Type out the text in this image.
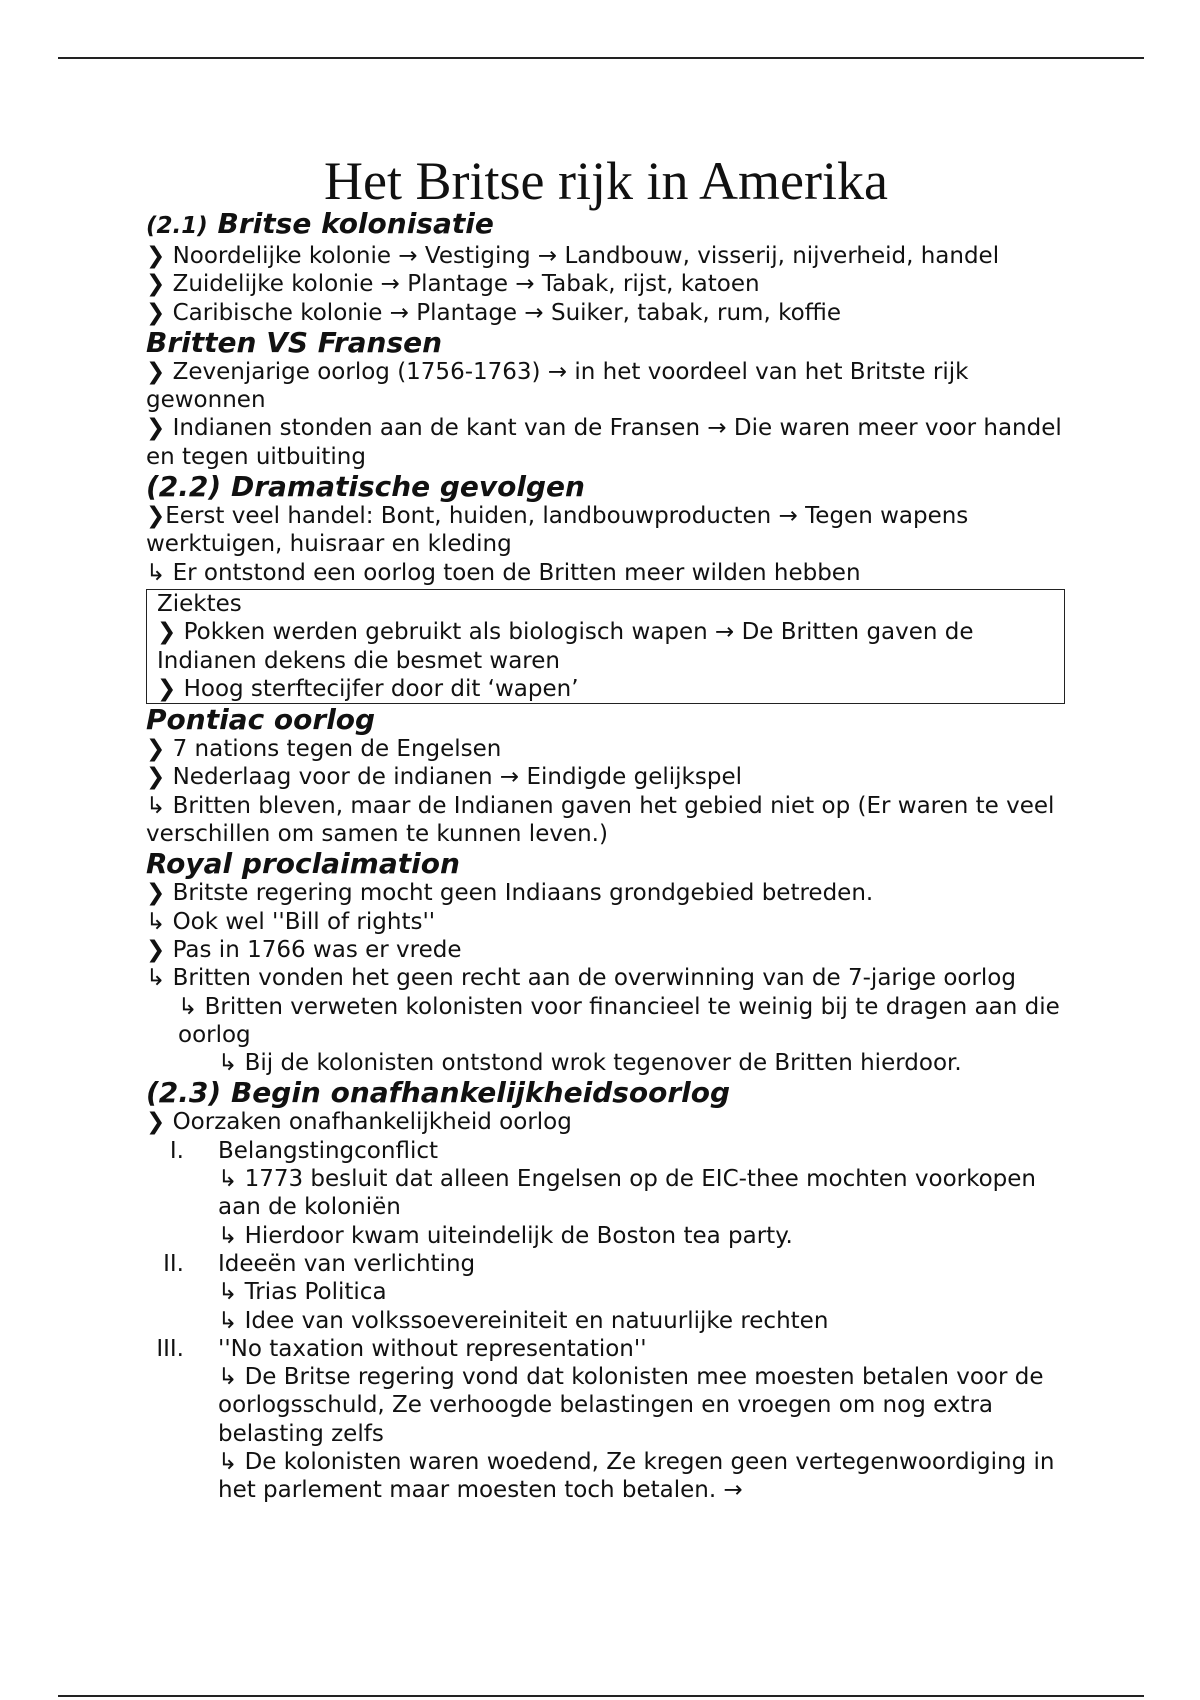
Het Britse rijk in Amerika
(2.1) Britse kolonisatie

❯ Noordelijke kolonie → Vestiging → Landbouw, visserij, nijverheid, handel

❯ Zuidelijke kolonie → Plantage → Tabak, rijst, katoen

❯ Caribische kolonie → Plantage → Suiker, tabak, rum, koffie

Britten VS Fransen

❯ Zevenjarige oorlog (1756-1763) → in het voordeel van het Britste rijk gewonnen

❯ Indianen stonden aan de kant van de Fransen → Die waren meer voor handel en tegen uitbuiting

(2.2) Dramatische gevolgen

❯Eerst veel handel: Bont, huiden, landbouwproducten → Tegen wapens werktuigen, huisraar en kleding

↳ Er ontstond een oorlog toen de Britten meer wilden hebben

Ziektes

❯ Pokken werden gebruikt als biologisch wapen → De Britten gaven de Indianen dekens die besmet waren

❯ Hoog sterftecijfer door dit ‘wapen’

Pontiac oorlog

❯ 7 nations tegen de Engelsen

❯ Nederlaag voor de indianen → Eindigde gelijkspel

↳ Britten bleven, maar de Indianen gaven het gebied niet op (Er waren te veel verschillen om samen te kunnen leven.)

Royal proclaimation

❯ Britste regering mocht geen Indiaans grondgebied betreden.

↳ Ook wel ''Bill of rights''

❯ Pas in 1766 was er vrede

↳ Britten vonden het geen recht aan de overwinning van de 7-jarige oorlog

↳ Britten verweten kolonisten voor financieel te weinig bij te dragen aan die oorlog

↳ Bij de kolonisten ontstond wrok tegenover de Britten hierdoor.

(2.3) Begin onafhankelijkheidsoorlog

❯ Oorzaken onafhankelijkheid oorlog

I. Belangstingconflict
↳ 1773 besluit dat alleen Engelsen op de EIC-thee mochten voorkopen aan de koloniën
↳ Hierdoor kwam uiteindelijk de Boston tea party.
II. Ideeën van verlichting
↳ Trias Politica
↳ Idee van volkssoevereiniteit en natuurlijke rechten
III. ''No taxation without representation''
↳ De Britse regering vond dat kolonisten mee moesten betalen voor de oorlogsschuld, Ze verhoogde belastingen en vroegen om nog extra belasting zelfs
↳ De kolonisten waren woedend, Ze kregen geen vertegenwoordiging in het parlement maar moesten toch betalen. →
